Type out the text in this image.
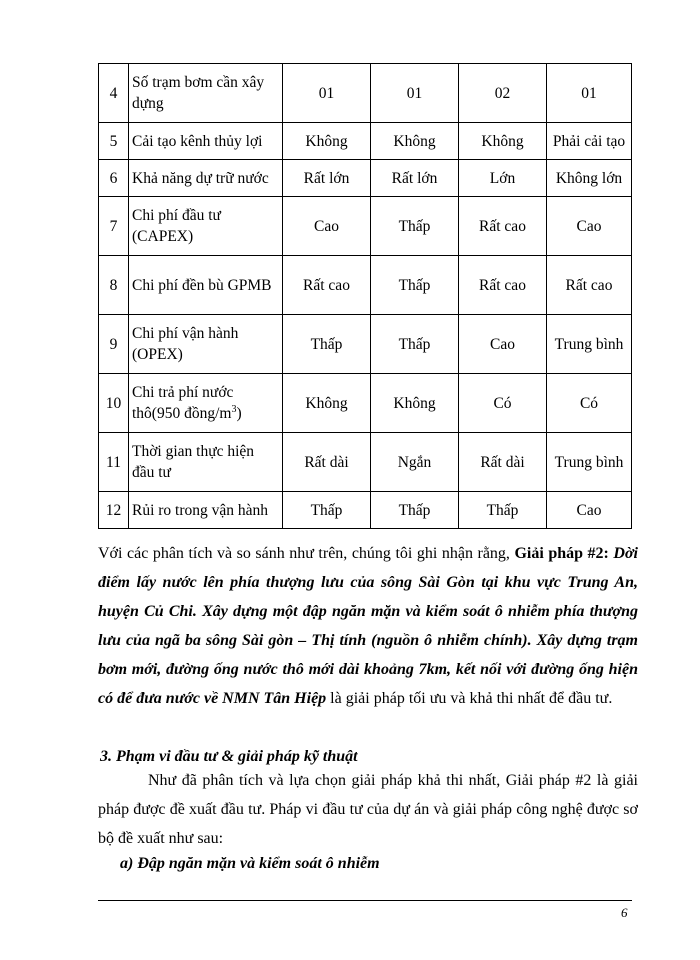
4	Số trạm bơm cần xây dựng	01	01	02	01
5	Cải tạo kênh thủy lợi	Không	Không	Không	Phải cải tạo
6	Khả năng dự trữ nước	Rất lớn	Rất lớn	Lớn	Không lớn
7	Chi phí đầu tư (CAPEX)	Cao	Thấp	Rất cao	Cao
8	Chi phí đền bù GPMB	Rất cao	Thấp	Rất cao	Rất cao
9	Chi phí vận hành (OPEX)	Thấp	Thấp	Cao	Trung bình
10	Chi trả phí nước thô(950 đồng/$m^3$)	Không	Không	Có	Có
11	Thời gian thực hiện đầu tư	Rất dài	Ngắn	Rất dài	Trung bình
12	Rủi ro trong vận hành	Thấp	Thấp	Thấp	Cao

Với các phân tích và so sánh như trên, chúng tôi ghi nhận rằng, Giải pháp #2: Dời điểm lấy nước lên phía thượng lưu của sông Sài Gòn tại khu vực Trung An, huyện Củ Chi. Xây dựng một đập ngăn mặn và kiểm soát ô nhiễm phía thượng lưu của ngã ba sông Sài gòn – Thị tính (nguồn ô nhiễm chính). Xây dựng trạm bơm mới, đường ống nước thô mới dài khoảng 7km, kết nối với đường ống hiện có để đưa nước về NMN Tân Hiệp là giải pháp tối ưu và khả thi nhất để đầu tư.

3. Phạm vi đầu tư & giải pháp kỹ thuật

Như đã phân tích và lựa chọn giải pháp khả thi nhất, Giải pháp #2 là giải pháp được đề xuất đầu tư. Pháp vi đầu tư của dự án và giải pháp công nghệ được sơ bộ đề xuất như sau:

a) Đập ngăn mặn và kiểm soát ô nhiễm

6
